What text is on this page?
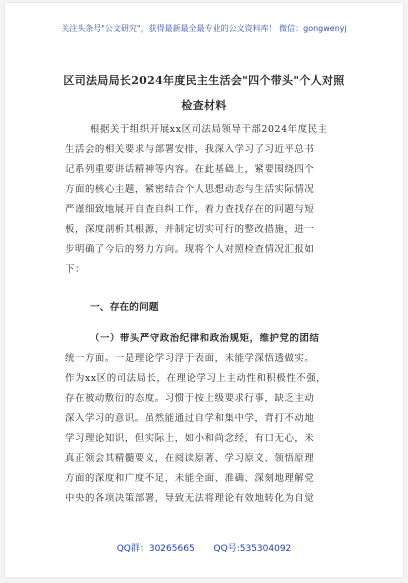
关注头条号"公文研究"，获得最新最全最专业的公文资料库！ 微信：gongwenyj
区司法局局长2024年度民主生活会"四个带头"个人对照
检查材料
根据关于组织开展xx区司法局领导干部2024年度民主
生活会的相关要求与部署安排，我深入学习了习近平总书
记系列重要讲话精神等内容。在此基础上，紧要围绕四个
方面的核心主题，紧密结合个人思想动态与生活实际情况
严谨细致地展开自查自纠工作，着力查找存在的问题与短
板，深度剖析其根源，并制定切实可行的整改措施，进一
步明确了今后的努力方向。现将个人对照检查情况汇报如
下：
一、存在的问题
（一）带头严守政治纪律和政治规矩，维护党的团结
统一方面。一是理论学习浮于表面，未能学深悟透做实。
作为xx区的司法局长，在理论学习上主动性和积极性不强，
存在被动敷衍的态度。习惯于按上级要求行事，缺乏主动
深入学习的意识。虽然能通过自学和集中学，背打不动地
学习理论知识，但实际上，如小和尚念经，有口无心，未
真正领会其精髓要义，在阅读原著、学习原文、领悟原理
方面的深度和广度不足，未能全面、准确、深刻地理解党
中央的各项决策部署，导致无法将理论有效地转化为自觉
QQ群：30265665 QQ号:535304092
